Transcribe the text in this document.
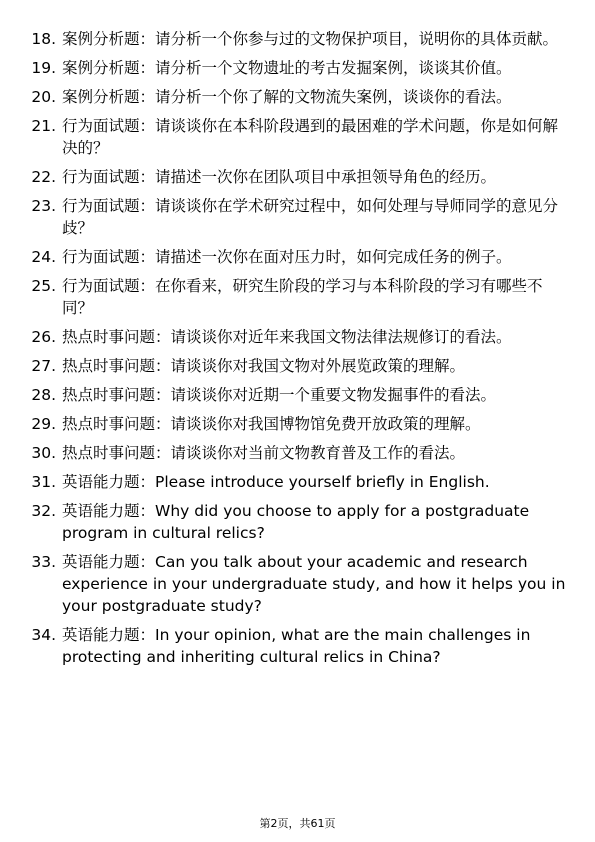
18. 案例分析题：请分析一个你参与过的文物保护项目，说明你的具体贡献。
19. 案例分析题：请分析一个文物遗址的考古发掘案例，谈谈其价值。
20. 案例分析题：请分析一个你了解的文物流失案例，谈谈你的看法。
21. 行为面试题：请谈谈你在本科阶段遇到的最困难的学术问题，你是如何解决的？
22. 行为面试题：请描述一次你在团队项目中承担领导角色的经历。
23. 行为面试题：请谈谈你在学术研究过程中，如何处理与导师同学的意见分歧？
24. 行为面试题：请描述一次你在面对压力时，如何完成任务的例子。
25. 行为面试题：在你看来，研究生阶段的学习与本科阶段的学习有哪些不同？
26. 热点时事问题：请谈谈你对近年来我国文物法律法规修订的看法。
27. 热点时事问题：请谈谈你对我国文物对外展览政策的理解。
28. 热点时事问题：请谈谈你对近期一个重要文物发掘事件的看法。
29. 热点时事问题：请谈谈你对我国博物馆免费开放政策的理解。
30. 热点时事问题：请谈谈你对当前文物教育普及工作的看法。
31. 英语能力题：Please introduce yourself briefly in English.
32. 英语能力题：Why did you choose to apply for a postgraduate program in cultural relics?
33. 英语能力题：Can you talk about your academic and research experience in your undergraduate study, and how it helps you in your postgraduate study?
34. 英语能力题：In your opinion, what are the main challenges in protecting and inheriting cultural relics in China?
第2页，共61页
